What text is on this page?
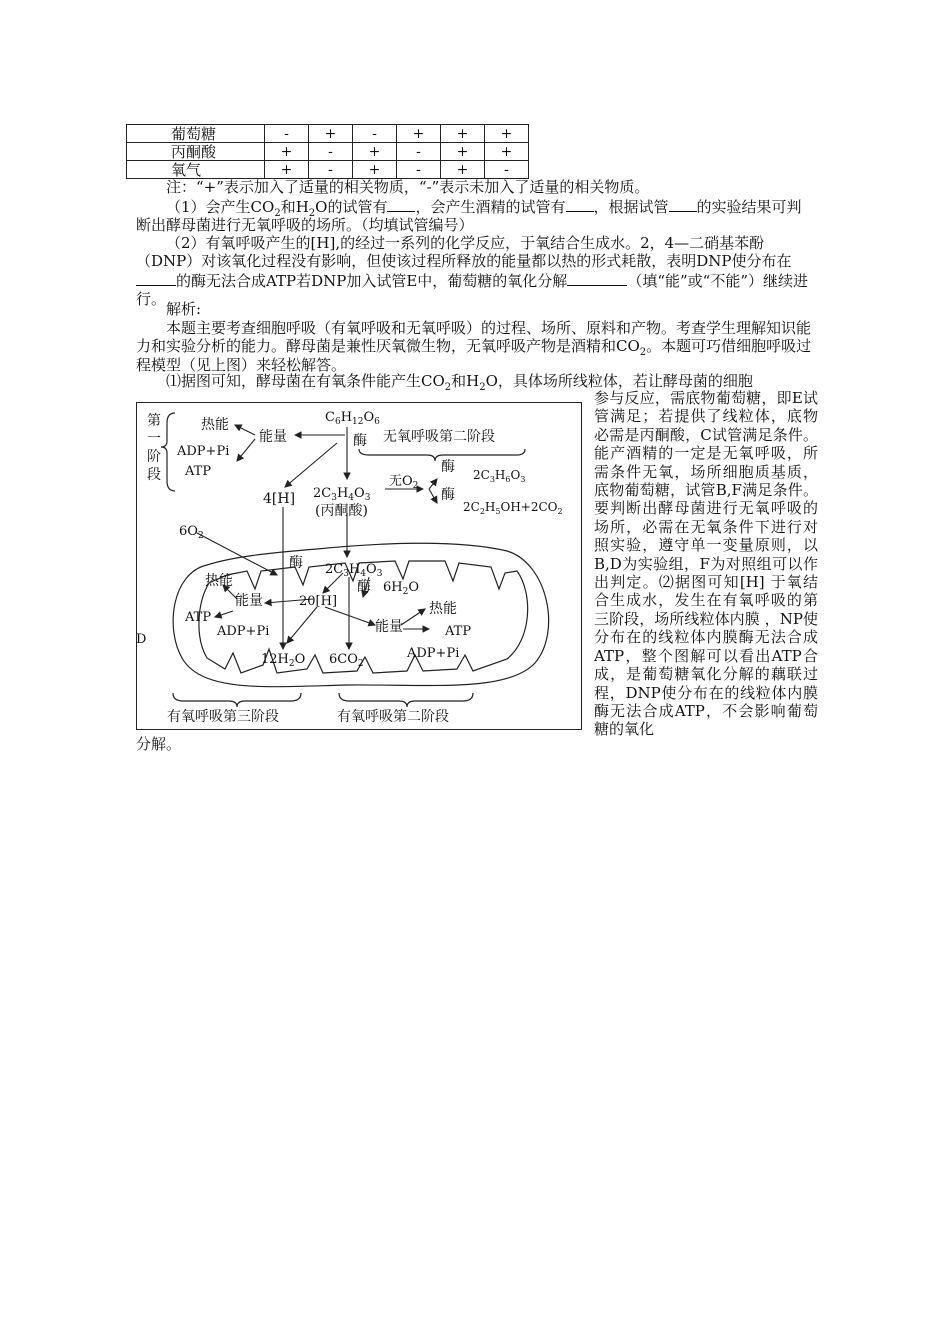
葡萄糖	-	+	-	+	+	+
丙酮酸	+	-	+	-	+	+
氧气	+	-	+	-	+	-
注：“+”表示加入了适量的相关物质，“-”表示未加入了适量的相关物质。
（1）会产生$CO_2$和$H_2O$的试管有 ，会产生酒精的试管有 ，根据试管 的实验结果可判断出酵母菌进行无氧呼吸的场所。（均填试管编号）
（2）有氧呼吸产生的[H],的经过一系列的化学反应，于氧结合生成水。2，4—二硝基苯酚（DNP）对该氧化过程没有影响，但使该过程所释放的能量都以热的形式耗散，表明DNP使分布在的酶无法合成ATP若DNP加入试管E中，葡萄糖的氧化分解	（填“能”或“不能”）继续进行。
解析:
本题主要考查细胞呼吸（有氧呼吸和无氧呼吸）的过程、场所、原料和产物。考查学生理解知识能力和实验分析的能力。酵母菌是兼性厌氧微生物，无氧呼吸产物是酒精和$CO_2$。本题可巧借细胞呼吸过程模型（见上图）来轻松解答。
⑴据图可知，酵母菌在有氧条件能产生$CO_2$和$H_2O$，具体场所线粒体，若让酵母菌的细胞
第
一
阶
段
热能
能量
ADP+Pi
ATP
$C_6H_{12}O_6$
酶 无氧呼吸第二阶段
4[H] $2C_3H_4O_3$
(丙酮酸)
无$O_2$
酶 $2C_3H_6O_3$
酶
$2C_2H_5OH+2CO_2$
$6O_2$
酶 $2C_3H_4O_3$
酶 $6H_2O$
20[H]
热能
能量
ATP
ADP+Pi
热能
能量	ATP
ADP+Pi
$12H_2O$ $6CO_2$
有氧呼吸第三阶段	有氧呼吸第二阶段
D
参与反应，需底物葡萄糖，即E试管满足；若提供了线粒体，底物必需是丙酮酸，C试管满足条件。能产酒精的一定是无氧呼吸，所需条件无氧，场所细胞质基质，底物葡萄糖，试管B,F满足条件。要判断出酵母菌进行无氧呼吸的场所，必需在无氧条件下进行对照实验，遵守单一变量原则，以B,D为实验组，F为对照组可以作出判定。⑵据图可知[H] 于氧结合生成水，发生在有氧呼吸的第三阶段，场所线粒体内膜 ，NP使分布在的线粒体内膜酶无法合成ATP，整个图解可以看出ATP合成，是葡萄糖氧化分解的藕联过程，DNP使分布在的线粒体内膜酶无法合成ATP，不会影响葡萄糖的氧化
分解。
